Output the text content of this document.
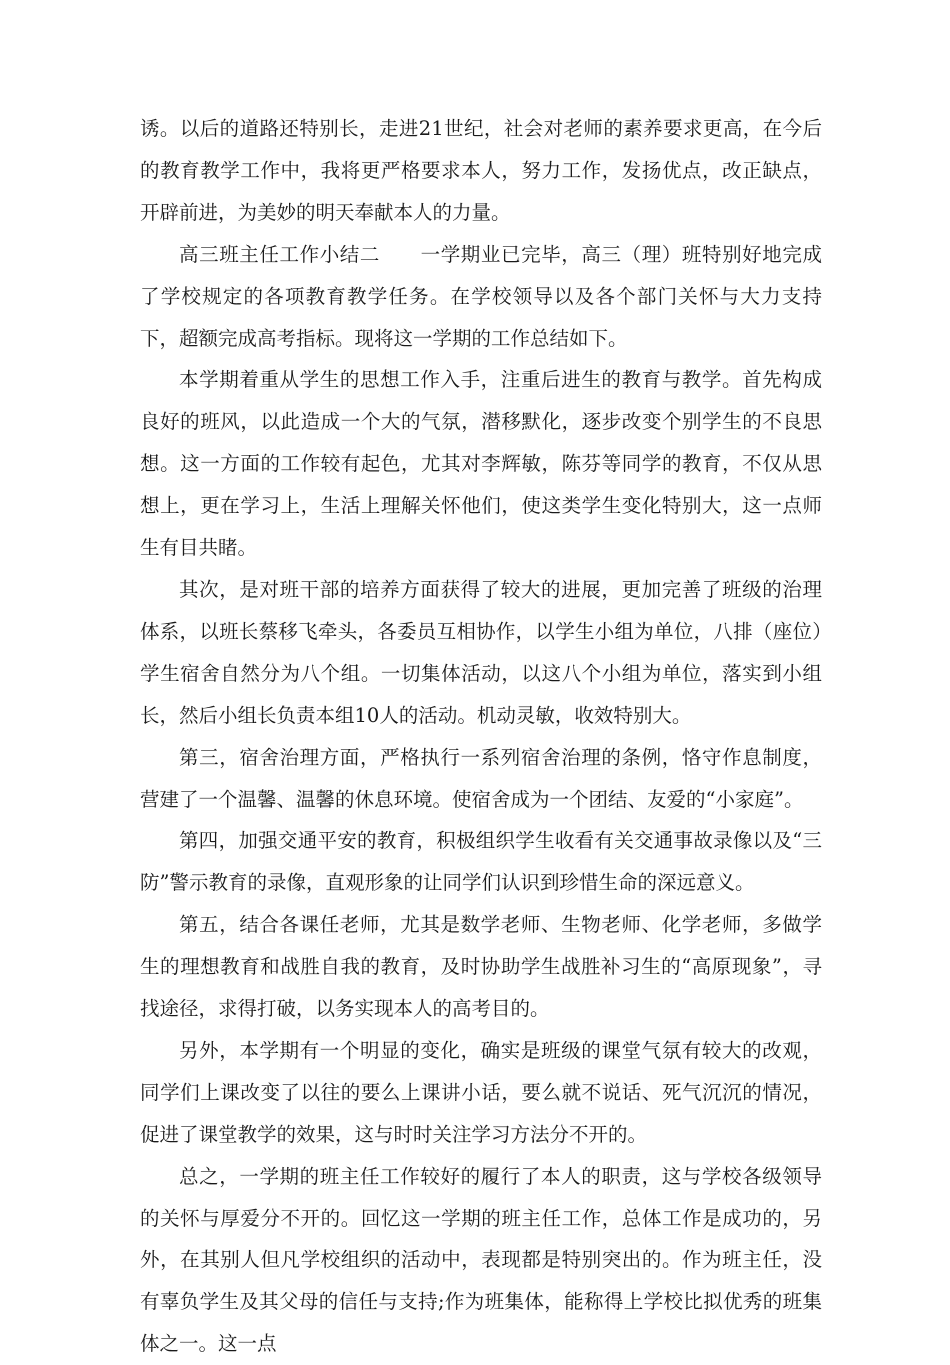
诱。以后的道路还特别长，走进21世纪，社会对老师的素养要求更高，在今后的教育教学工作中，我将更严格要求本人，努力工作，发扬优点，改正缺点，开辟前进，为美妙的明天奉献本人的力量。

高三班主任工作小结二 一学期业已完毕，高三（理）班特别好地完成了学校规定的各项教育教学任务。在学校领导以及各个部门关怀与大力支持下，超额完成高考指标。现将这一学期的工作总结如下。

本学期着重从学生的思想工作入手，注重后进生的教育与教学。首先构成良好的班风，以此造成一个大的气氛，潜移默化，逐步改变个别学生的不良思想。这一方面的工作较有起色，尤其对李辉敏，陈芬等同学的教育，不仅从思想上，更在学习上，生活上理解关怀他们，使这类学生变化特别大，这一点师生有目共睹。

其次，是对班干部的培养方面获得了较大的进展，更加完善了班级的治理体系，以班长蔡移飞牵头，各委员互相协作，以学生小组为单位，八排（座位）学生宿舍自然分为八个组。一切集体活动，以这八个小组为单位，落实到小组长，然后小组长负责本组10人的活动。机动灵敏，收效特别大。

第三，宿舍治理方面，严格执行一系列宿舍治理的条例，恪守作息制度，营建了一个温馨、温馨的休息环境。使宿舍成为一个团结、友爱的“小家庭”。

第四，加强交通平安的教育，积极组织学生收看有关交通事故录像以及“三防”警示教育的录像，直观形象的让同学们认识到珍惜生命的深远意义。

第五，结合各课任老师，尤其是数学老师、生物老师、化学老师，多做学生的理想教育和战胜自我的教育，及时协助学生战胜补习生的“高原现象”，寻找途径，求得打破，以务实现本人的高考目的。

另外，本学期有一个明显的变化，确实是班级的课堂气氛有较大的改观，同学们上课改变了以往的要么上课讲小话，要么就不说话、死气沉沉的情况，促进了课堂教学的效果，这与时时关注学习方法分不开的。

总之，一学期的班主任工作较好的履行了本人的职责，这与学校各级领导的关怀与厚爱分不开的。回忆这一学期的班主任工作，总体工作是成功的，另外，在其别人但凡学校组织的活动中，表现都是特别突出的。作为班主任，没有辜负学生及其父母的信任与支持;作为班集体，能称得上学校比拟优秀的班集体之一。这一点
